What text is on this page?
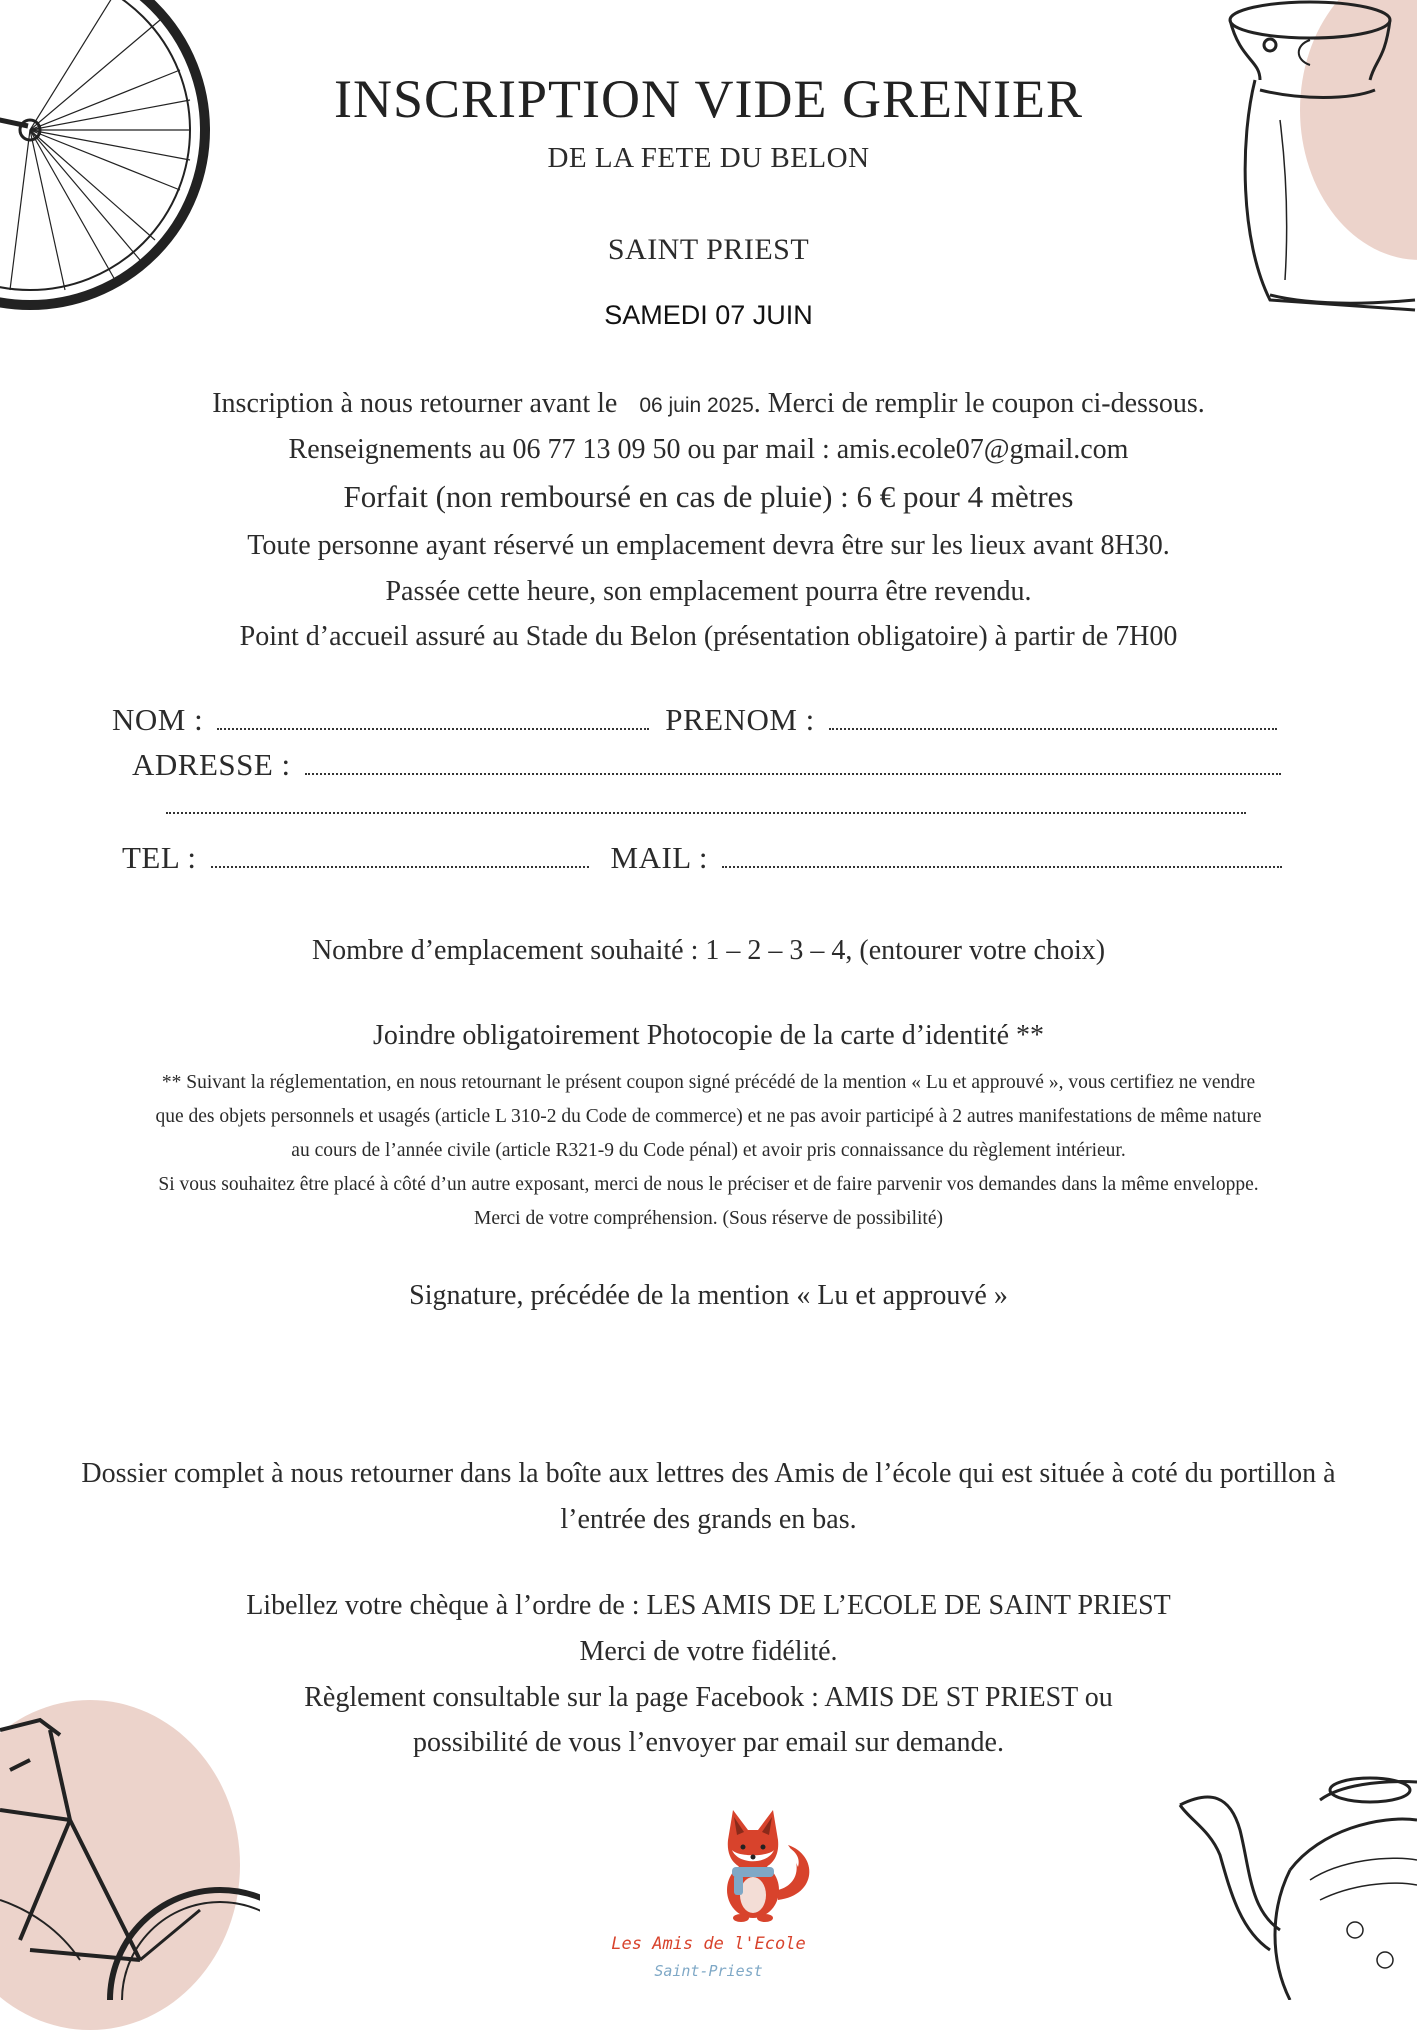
INSCRIPTION VIDE GRENIER
DE LA FETE DU BELON
SAINT PRIEST
SAMEDI 07 JUIN
Inscription à nous retourner avant le 06 juin 2025. Merci de remplir le coupon ci-dessous.
Renseignements au 06 77 13 09 50 ou par mail : amis.ecole07@gmail.com
Forfait (non remboursé en cas de pluie) : 6 € pour 4 mètres
Toute personne ayant réservé un emplacement devra être sur les lieux avant 8H30.
Passée cette heure, son emplacement pourra être revendu.
Point d’accueil assuré au Stade du Belon (présentation obligatoire) à partir de 7H00
NOM :	PRENOM :
ADRESSE :
TEL :	MAIL :
Nombre d’emplacement souhaité : 1 – 2 – 3 – 4, (entourer votre choix)
Joindre obligatoirement Photocopie de la carte d’identité **
** Suivant la réglementation, en nous retournant le présent coupon signé précédé de la mention « Lu et approuvé », vous certifiez ne vendre
que des objets personnels et usagés (article L 310-2 du Code de commerce) et ne pas avoir participé à 2 autres manifestations de même nature
au cours de l’année civile (article R321-9 du Code pénal) et avoir pris connaissance du règlement intérieur.
Si vous souhaitez être placé à côté d’un autre exposant, merci de nous le préciser et de faire parvenir vos demandes dans la même enveloppe.
Merci de votre compréhension. (Sous réserve de possibilité)
Signature, précédée de la mention « Lu et approuvé »
Dossier complet à nous retourner dans la boîte aux lettres des Amis de l’école qui est située à coté du portillon à
l’entrée des grands en bas.
Libellez votre chèque à l’ordre de : LES AMIS DE L’ECOLE DE SAINT PRIEST
Merci de votre fidélité.
Règlement consultable sur la page Facebook : AMIS DE ST PRIEST ou
possibilité de vous l’envoyer par email sur demande.
Les Amis de l'Ecole
Saint-Priest
